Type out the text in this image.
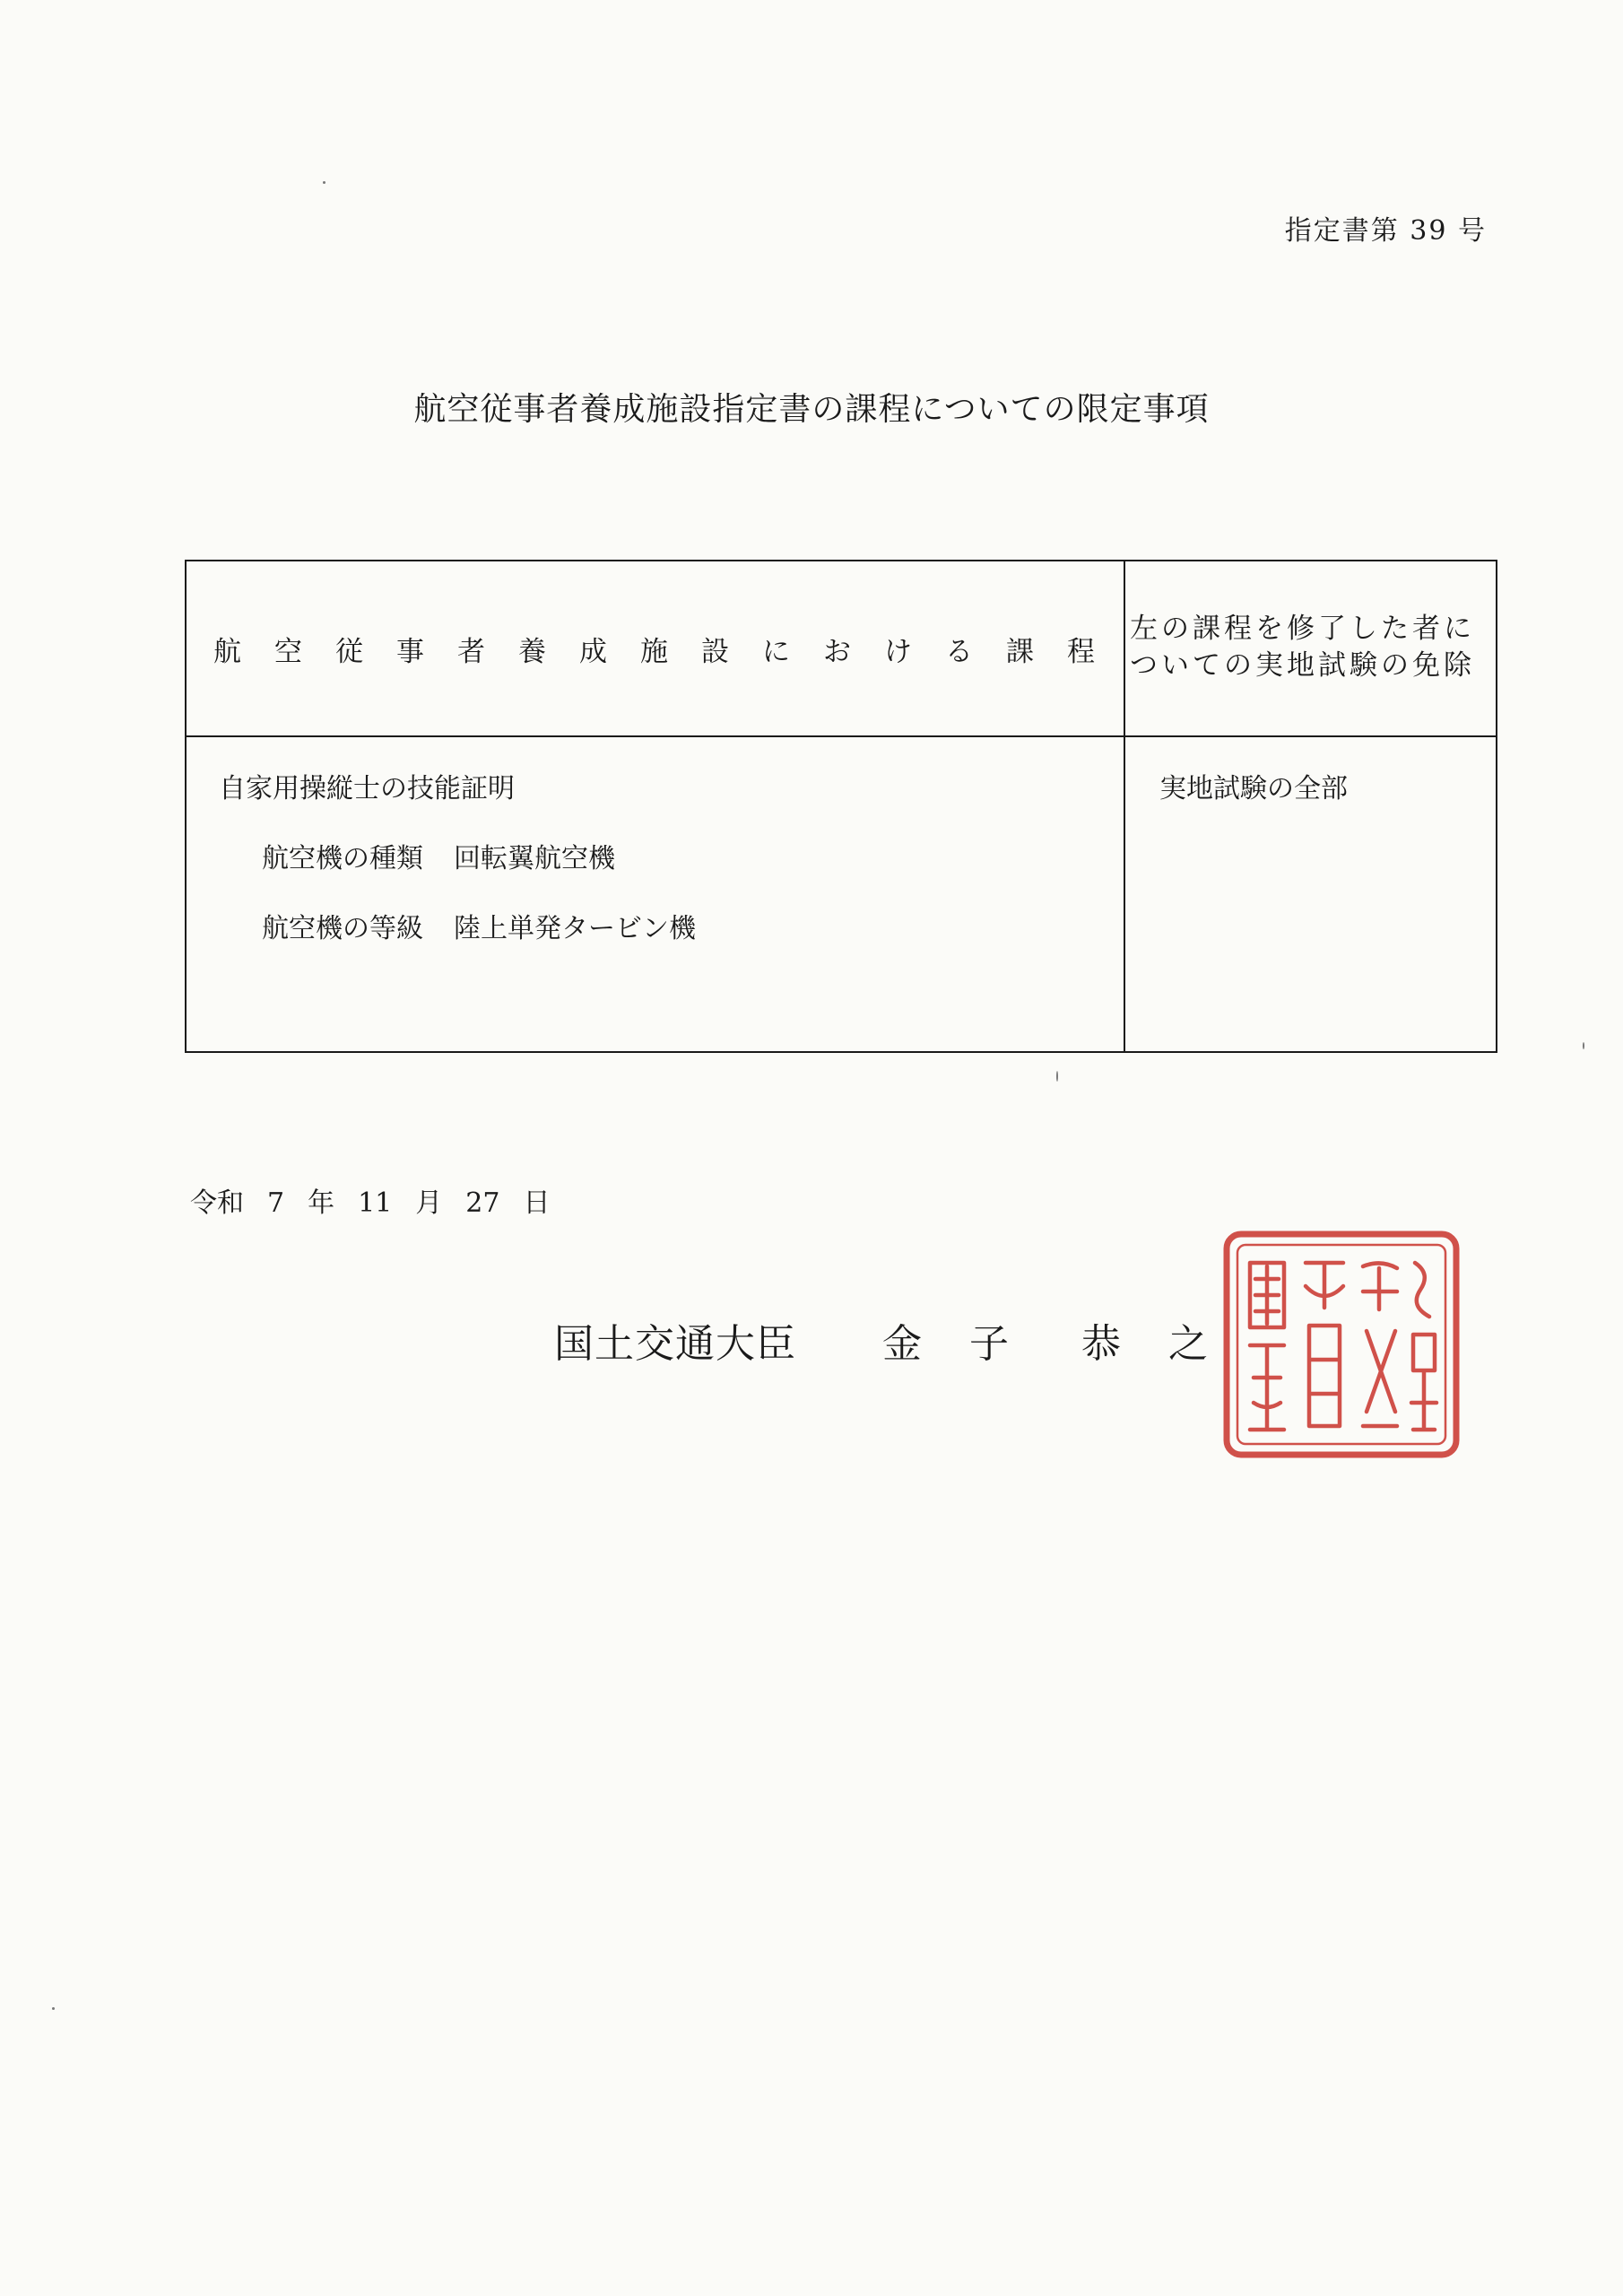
指定書第 39 号
航空従事者養成施設指定書の課程についての限定事項
航空従事者養成施設における課程
左の課程を修了した者に
ついての実地試験の免除
自家用操縦士の技能証明
航空機の種類 回転翼航空機
航空機の等級 陸上単発タービン機
実地試験の全部
令和 7 年 11 月 27 日
国土交通大臣 金 子 恭 之
